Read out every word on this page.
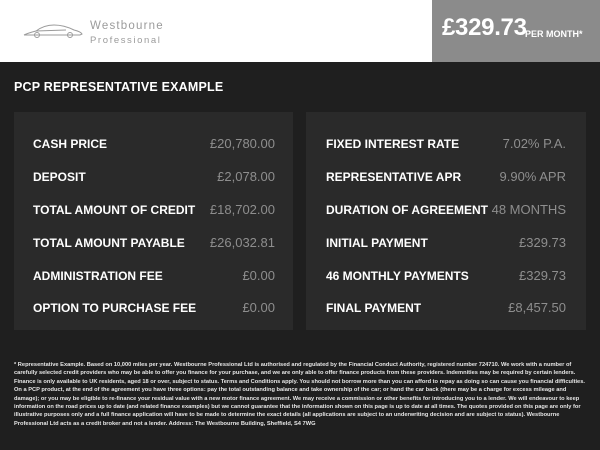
Westbourne
Professional	£329.73
PER MONTH*
PCP REPRESENTATIVE EXAMPLE
CASH PRICE	£20,780.00
DEPOSIT	£2,078.00
TOTAL AMOUNT OF CREDIT £18,702.00
TOTAL AMOUNT PAYABLE £26,032.81
ADMINISTRATION FEE	£0.00
OPTION TO PURCHASE FEE	£0.00
FIXED INTEREST RATE	7.02% P.A.
REPRESENTATIVE APR	9.90% APR
DURATION OF AGREEMENT 48 MONTHS
INITIAL PAYMENT	£329.73
46 MONTHLY PAYMENTS	£329.73
FINAL PAYMENT	£8,457.50
* Representative Example. Based on 10,000 miles per year. Westbourne Professional Ltd is authorised and regulated by the Financial Conduct Authority, registered number 724710. We work with a number of carefully selected credit providers who may be able to offer you finance for your purchase, and we are only able to offer finance products from these providers. Indemnities may be required by certain lenders. Finance is only available to UK residents, aged 18 or over, subject to status. Terms and Conditions apply. You should not borrow more than you can afford to repay as doing so can cause you financial difficulties. On a PCP product, at the end of the agreement you have three options: pay the total outstanding balance and take ownership of the car; or hand the car back (there may be a charge for excess mileage and damage); or you may be eligible to re-finance your residual value with a new motor finance agreement. We may receive a commission or other benefits for introducing you to a lender. We will endeavour to keep information on the road prices up to date (and related finance examples) but we cannot guarantee that the information shown on this page is up to date at all times. The quotes provided on this page are only for illustrative purposes only and a full finance application will have to be made to determine the exact details (all applications are subject to an underwriting decision and are subject to status). Westbourne Professional Ltd acts as a credit broker and not a lender. Address: The Westbourne Building, Sheffield, S4 7WG
